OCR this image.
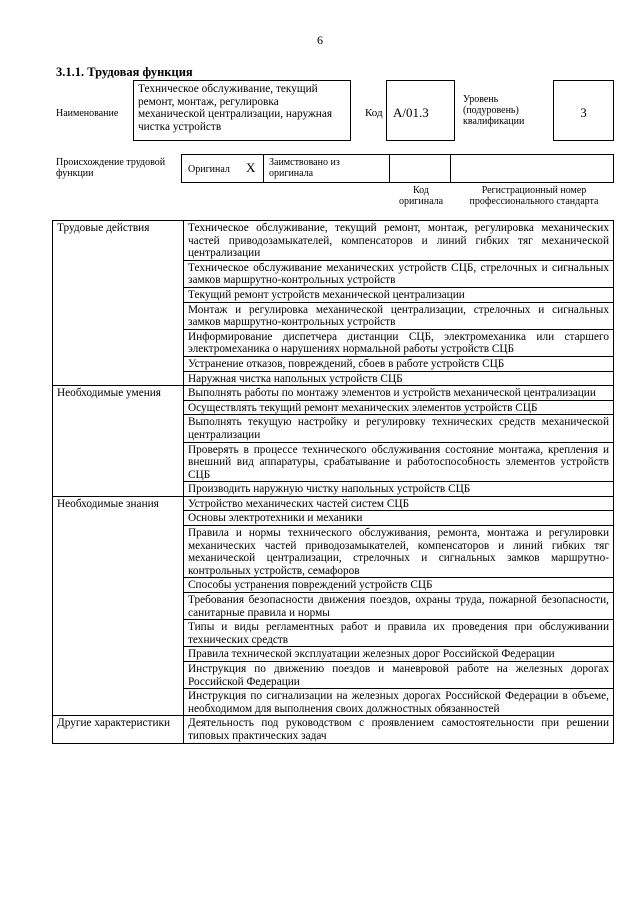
6
3.1.1. Трудовая функция
Наименование
Техническое обслуживание, текущий ремонт, монтаж, регулировка механической централизации, наружная чистка устройств
Код А/01.3
Уровень (подуровень) квалификации
3
Происхождение трудовой функции	Оригинал X Заимствовано из оригинала
Код оригинала
Регистрационный номер профессионального стандарта
Трудовые действия	Техническое обслуживание, текущий ремонт, монтаж, регулировка механических частей приводозамыкателей, компенсаторов и линий гибких тяг механической централизации
	Техническое обслуживание механических устройств СЦБ, стрелочных и сигнальных замков маршрутно-контрольных устройств
	Текущий ремонт устройств механической централизации
	Монтаж и регулировка механической централизации, стрелочных и сигнальных замков маршрутно-контрольных устройств
	Информирование диспетчера дистанции СЦБ, электромеханика или старшего электромеханика о нарушениях нормальной работы устройств СЦБ
	Устранение отказов, повреждений, сбоев в работе устройств СЦБ
	Наружная чистка напольных устройств СЦБ
Необходимые умения	Выполнять работы по монтажу элементов и устройств механической централизации
	Осуществлять текущий ремонт механических элементов устройств СЦБ
	Выполнять текущую настройку и регулировку технических средств механической централизации
	Проверять в процессе технического обслуживания состояние монтажа, крепления и внешний вид аппаратуры, срабатывание и работоспособность элементов устройств СЦБ
	Производить наружную чистку напольных устройств СЦБ
Необходимые знания	Устройство механических частей систем СЦБ
	Основы электротехники и механики
	Правила и нормы технического обслуживания, ремонта, монтажа и регулировки механических частей приводозамыкателей, компенсаторов и линий гибких тяг механической централизации, стрелочных и сигнальных замков маршрутно-контрольных устройств, семафоров
	Способы устранения повреждений устройств СЦБ
	Требования безопасности движения поездов, охраны труда, пожарной безопасности, санитарные правила и нормы
	Типы и виды регламентных работ и правила их проведения при обслуживании технических средств
	Правила технической эксплуатации железных дорог Российской Федерации
	Инструкция по движению поездов и маневровой работе на железных дорогах Российской Федерации
	Инструкция по сигнализации на железных дорогах Российской Федерации в объеме, необходимом для выполнения своих должностных обязанностей
Другие характеристики	Деятельность под руководством с проявлением самостоятельности при решении типовых практических задач
